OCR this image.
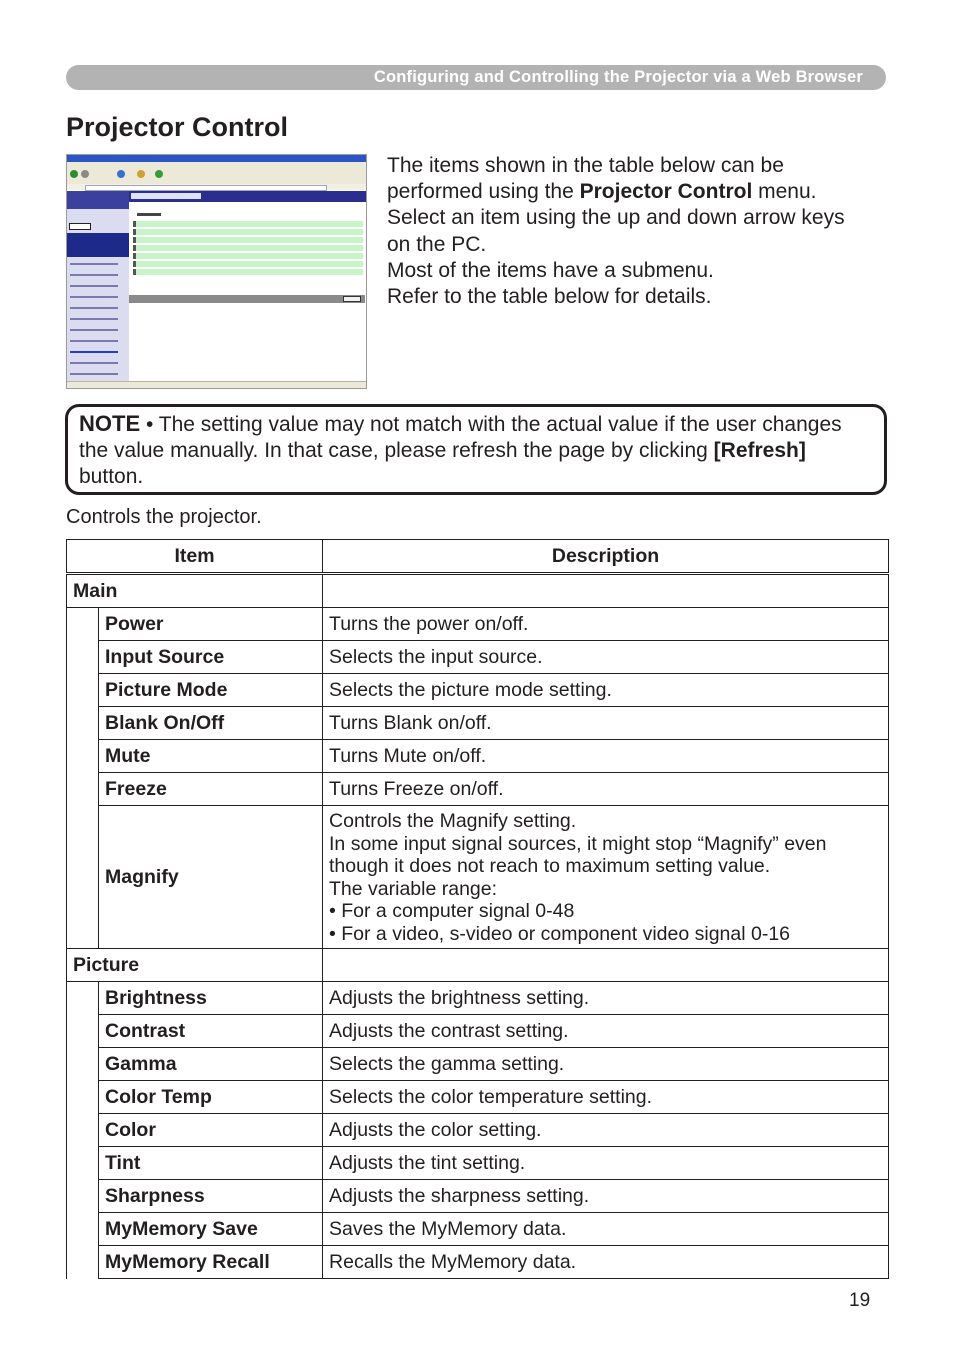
Configuring and Controlling the Projector via a Web Browser
Projector Control

The items shown in the table below can be

performed using the Projector Control menu.

Select an item using the up and down arrow keys

on the PC.

Most of the items have a submenu.

Refer to the table below for details.

NOTE • The setting value may not match with the actual value if the user changes the value manually. In that case, please refresh the page by clicking [Refresh] button.
Controls the projector.
Item		Description
Main		
	Power	Turns the power on/off.
	Input Source	Selects the input source.
	Picture Mode	Selects the picture mode setting.
	Blank On/Off	Turns Blank on/off.
	Mute	Turns Mute on/off.
	Freeze	Turns Freeze on/off.
	Magnify	Controls the Magnify setting.
In some input signal sources, it might stop “Magnify” even though it does not reach to maximum setting value.
The variable range:
• For a computer signal 0-48
• For a video, s-video or component video signal 0-16

Picture		
	Brightness	Adjusts the brightness setting.
	Contrast	Adjusts the contrast setting.
	Gamma	Selects the gamma setting.
	Color Temp	Selects the color temperature setting.
	Color	Adjusts the color setting.
	Tint	Adjusts the tint setting.
	Sharpness	Adjusts the sharpness setting.
	MyMemory Save	Saves the MyMemory data.
	MyMemory Recall	Recalls the MyMemory data.
19
